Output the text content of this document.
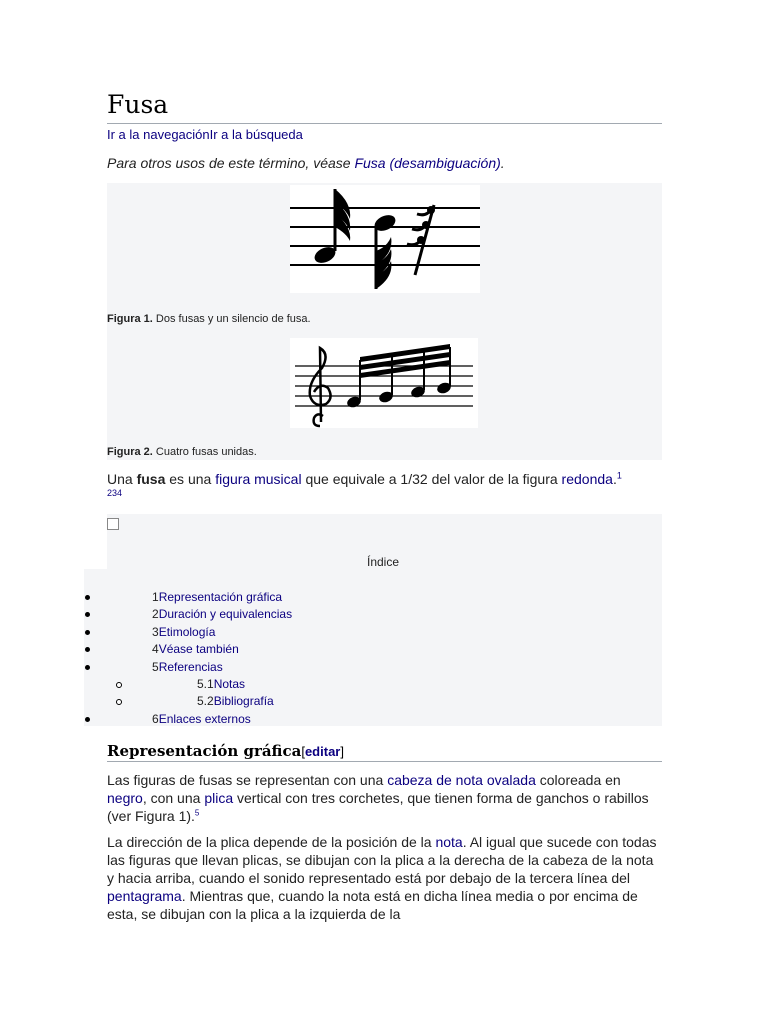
Fusa
Ir a la navegaciónIr a la búsqueda
Para otros usos de este término, véase Fusa (desambiguación).
Figura 1. Dos fusas y un silencio de fusa.
Figura 2. Cuatro fusas unidas.
Una fusa es una figura musical que equivale a 1/32 del valor de la figura redonda.$^1$
234
Índice
1Representación gráfica
2Duración y equivalencias
3Etimología
4Véase también
5Referencias
5.1Notas
5.2Bibliografía
6Enlaces externos
Representación gráfica[editar]

Las figuras de fusas se representan con una cabeza de nota ovalada coloreada en negro, con una plica vertical con tres corchetes, que tienen forma de ganchos o rabillos (ver Figura 1).$^5$

La dirección de la plica depende de la posición de la nota. Al igual que sucede con todas las figuras que llevan plicas, se dibujan con la plica a la derecha de la cabeza de la nota y hacia arriba, cuando el sonido representado está por debajo de la tercera línea del pentagrama. Mientras que, cuando la nota está en dicha línea media o por encima de esta, se dibujan con la plica a la izquierda de la
